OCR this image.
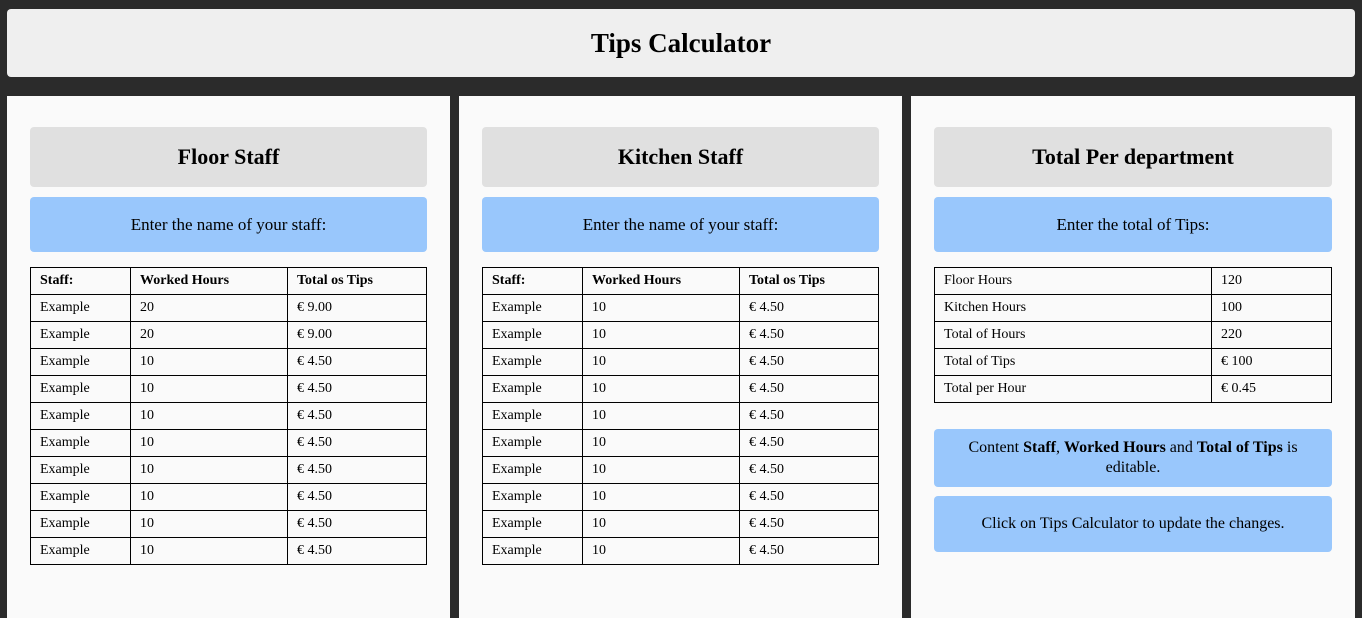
Tips Calculator
Floor Staff
Enter the name of your staff:
Staff:	Worked Hours	Total os Tips
Example	20	€ 9.00
Example	20	€ 9.00
Example	10	€ 4.50
Example	10	€ 4.50
Example	10	€ 4.50
Example	10	€ 4.50
Example	10	€ 4.50
Example	10	€ 4.50
Example	10	€ 4.50
Example	10	€ 4.50
Kitchen Staff
Enter the name of your staff:
Staff:	Worked Hours	Total os Tips
Example	10	€ 4.50
Example	10	€ 4.50
Example	10	€ 4.50
Example	10	€ 4.50
Example	10	€ 4.50
Example	10	€ 4.50
Example	10	€ 4.50
Example	10	€ 4.50
Example	10	€ 4.50
Example	10	€ 4.50
Total Per department
Enter the total of Tips:
Floor Hours	120
Kitchen Hours	100
Total of Hours	220
Total of Tips	€ 100
Total per Hour	€ 0.45
Content Staff, Worked Hours and Total of Tips is editable.
Click on Tips Calculator to update the changes.
